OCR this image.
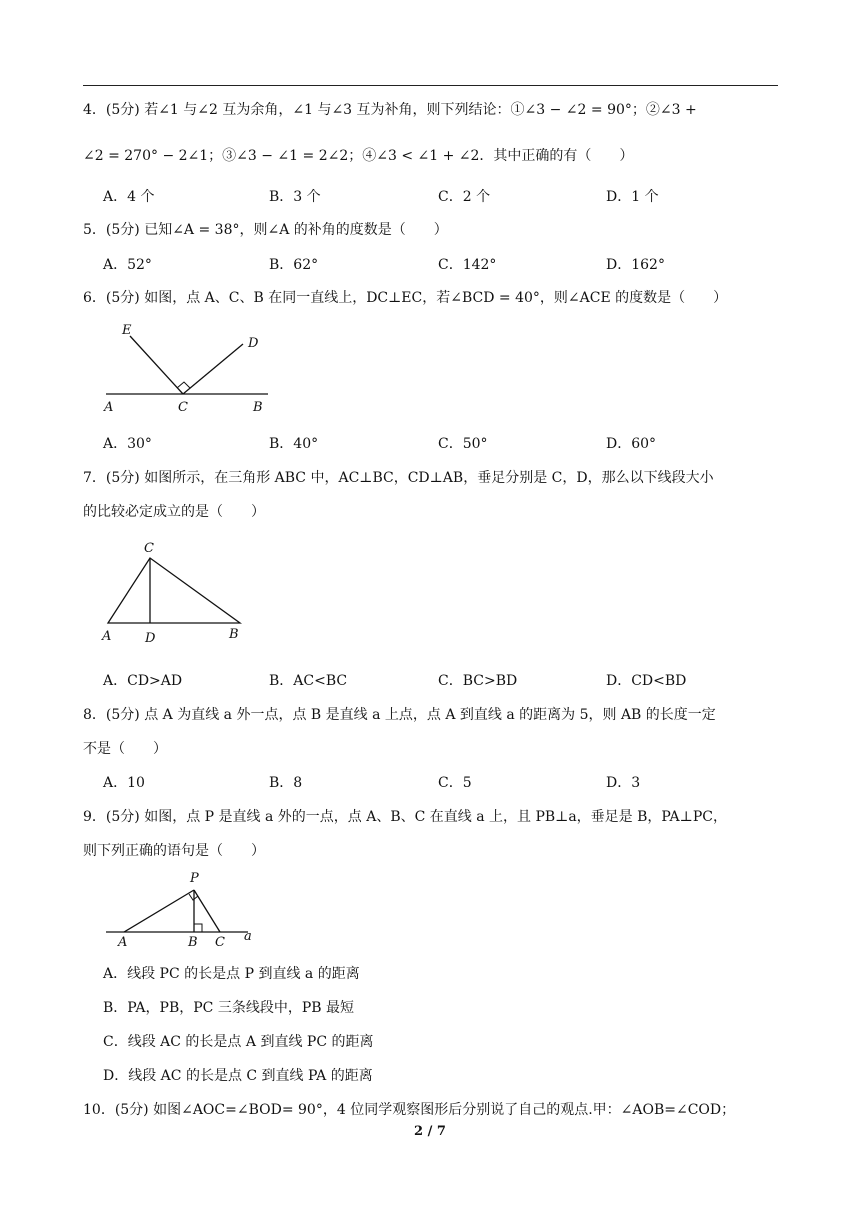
4．(5分) 若∠1 与∠2 互为余角，∠1 与∠3 互为补角，则下列结论：①∠3 − ∠2 = 90°；②∠3 +
∠2 = 270° − 2∠1；③∠3 − ∠1 = 2∠2；④∠3 < ∠1 + ∠2．其中正确的有（　　）
A．4 个	B．3 个	C．2 个	D．1 个
5．(5分) 已知∠A = 38°，则∠A 的补角的度数是（　　）
A．52°	B．62°	C．142°	D．162°
6．(5分) 如图，点 A、C、B 在同一直线上，DC⊥EC，若∠BCD = 40°，则∠ACE 的度数是（　　）
E
D
A	C	B
A．30°	B．40°	C．50°	D．60°
7．(5分) 如图所示，在三角形 ABC 中，AC⊥BC，CD⊥AB，垂足分别是 C，D，那么以下线段大小
的比较必定成立的是（　　）
C
A	D	B
A．CD>AD	B．AC<BC	C．BC>BD	D．CD<BD
8．(5分) 点 A 为直线 a 外一点，点 B 是直线 a 上点，点 A 到直线 a 的距离为 5，则 AB 的长度一定
不是（　　）
A．10	B．8	C．5	D．3
9．(5分) 如图，点 P 是直线 a 外的一点，点 A、B、C 在直线 a 上，且 PB⊥a，垂足是 B，PA⊥PC，
则下列正确的语句是（　　）
P
A	B C a
A．线段 PC 的长是点 P 到直线 a 的距离
B．PA，PB，PC 三条线段中，PB 最短
C．线段 AC 的长是点 A 到直线 PC 的距离
D．线段 AC 的长是点 C 到直线 PA 的距离
10．(5分) 如图∠AOC=∠BOD= 90°，4 位同学观察图形后分别说了自己的观点.甲：∠AOB=∠COD；
2 / 7
